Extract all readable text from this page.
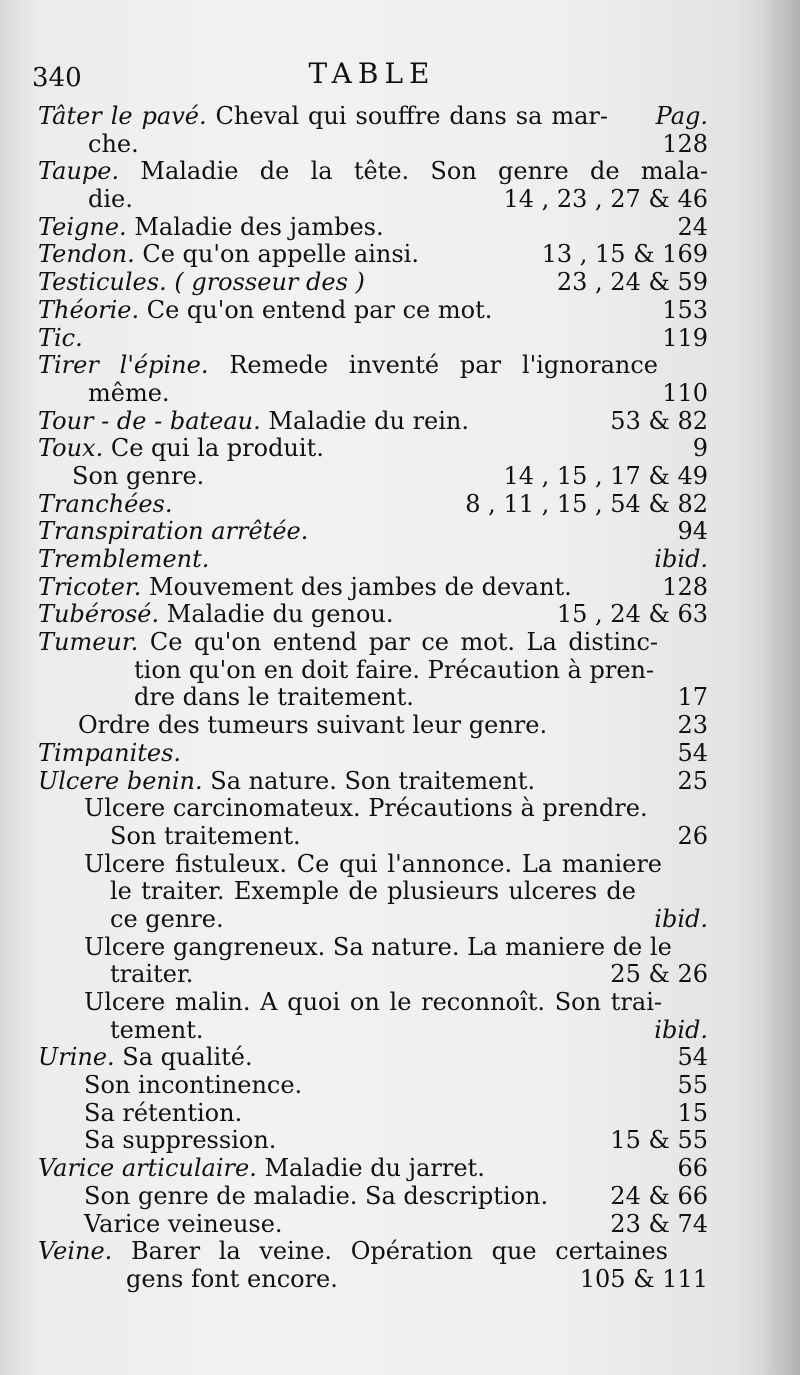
340	TABLE
Tâter le pavé. Cheval qui souffre dans sa mar- Pag.
che.	128
Taupe. Maladie de la tête. Son genre de mala-
die.	14 , 23 , 27 & 46
Teigne. Maladie des jambes.	24
Tendon. Ce qu'on appelle ainsi.	13 , 15 & 169
Testicules. ( grosseur des )	23 , 24 & 59
Théorie. Ce qu'on entend par ce mot.	153
Tic.	119
Tirer l'épine. Remede inventé par l'ignorance
même.	110
Tour - de - bateau. Maladie du rein.	53 & 82
Toux. Ce qui la produit.	9
Son genre.	14 , 15 , 17 & 49
Tranchées.	8 , 11 , 15 , 54 & 82
Transpiration arrêtée.	94
Tremblement.	ibid.
Tricoter. Mouvement des jambes de devant.	128
Tubérosé. Maladie du genou.	15 , 24 & 63
Tumeur. Ce qu'on entend par ce mot. La distinc-
tion qu'on en doit faire. Précaution à pren-
dre dans le traitement.	17
Ordre des tumeurs suivant leur genre.	23
Timpanites.	54
Ulcere benin. Sa nature. Son traitement.	25
Ulcere carcinomateux. Précautions à prendre.
Son traitement.	26
Ulcere fistuleux. Ce qui l'annonce. La maniere
le traiter. Exemple de plusieurs ulceres de
ce genre.	ibid.
Ulcere gangreneux. Sa nature. La maniere de le
traiter.	25 & 26
Ulcere malin. A quoi on le reconnoît. Son trai-
tement.	ibid.
Urine. Sa qualité.	54
Son incontinence.	55
Sa rétention.	15
Sa suppression.	15 & 55
Varice articulaire. Maladie du jarret.	66
Son genre de maladie. Sa description.	24 & 66
Varice veineuse.	23 & 74
Veine. Barer la veine. Opération que certaines
gens font encore.	105 & 111
